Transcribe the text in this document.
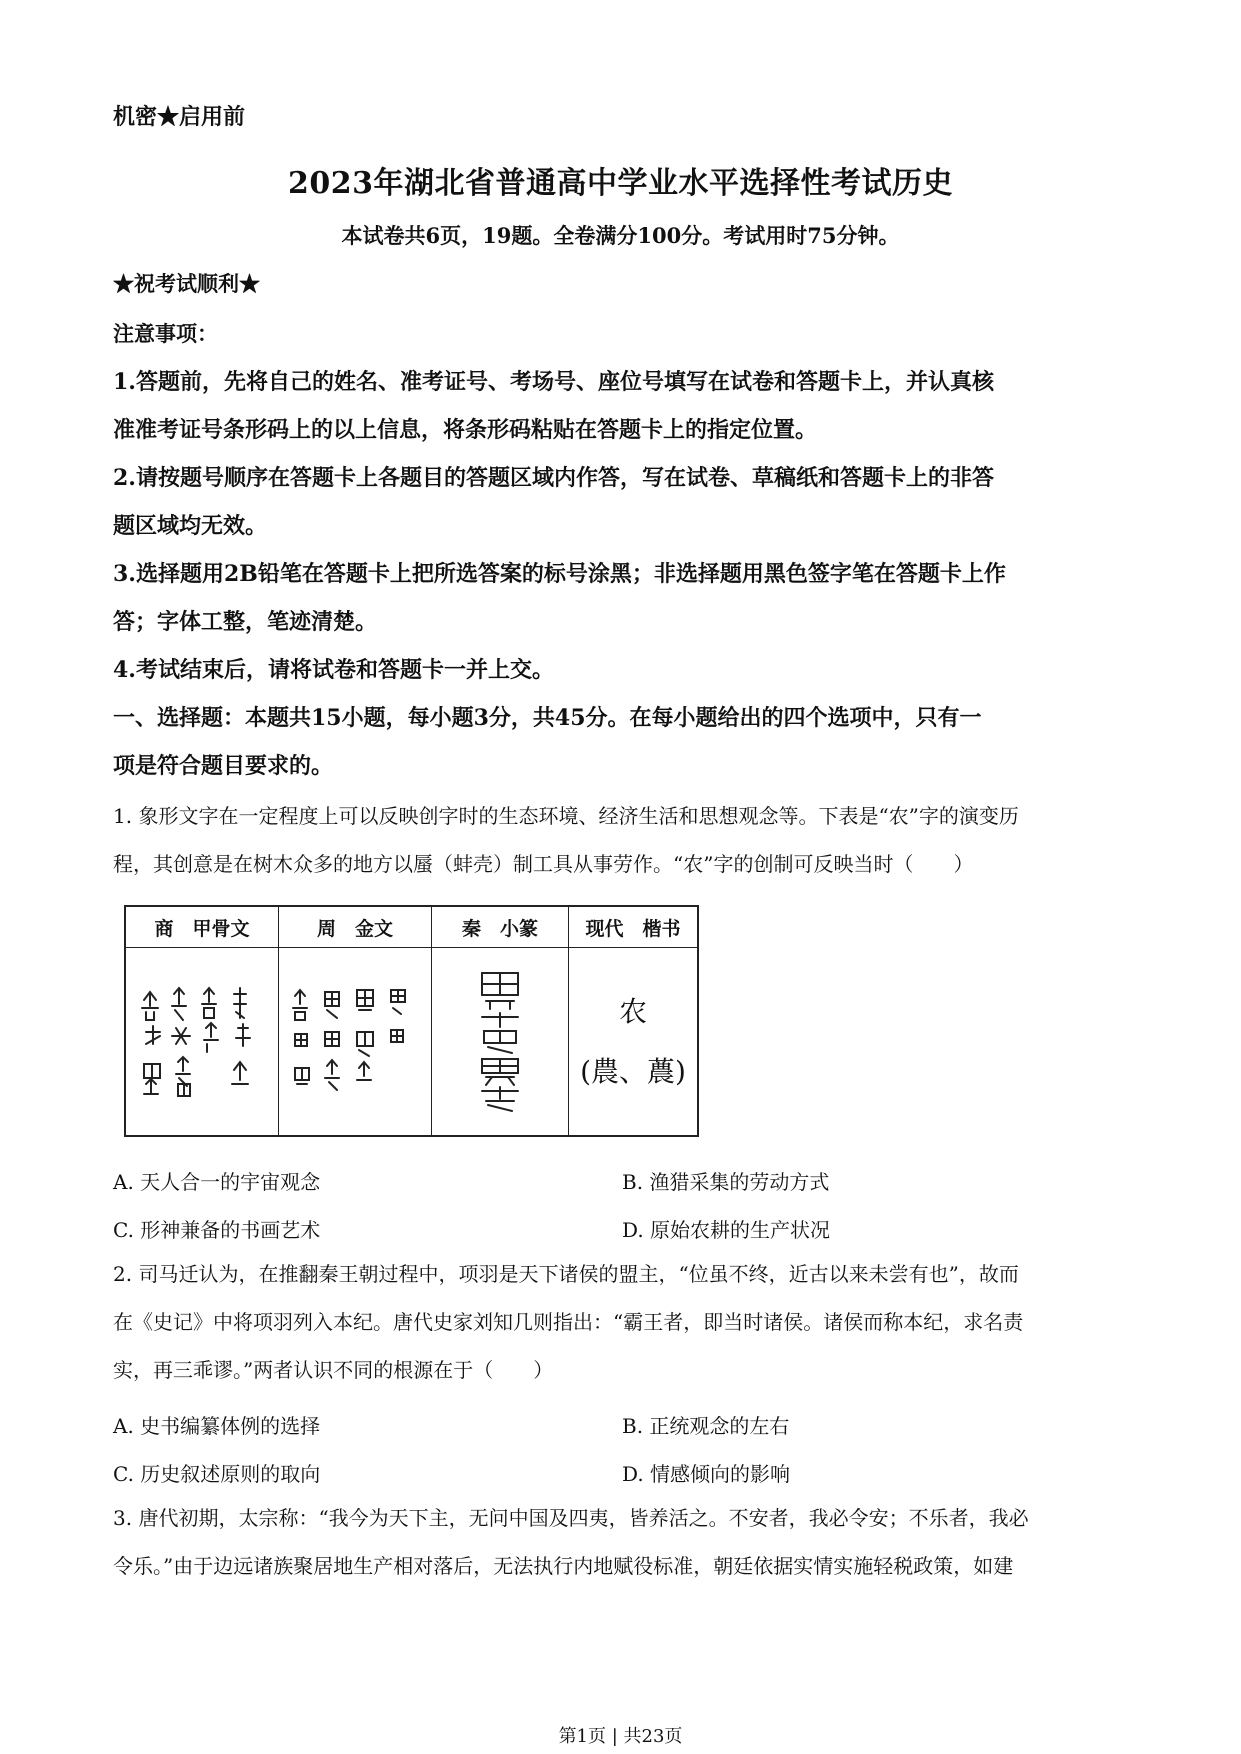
机密★启用前
2023年湖北省普通高中学业水平选择性考试历史
本试卷共6页，19题。全卷满分100分。考试用时75分钟。
★祝考试顺利★
注意事项：
1.答题前，先将自己的姓名、准考证号、考场号、座位号填写在试卷和答题卡上，并认真核
准准考证号条形码上的以上信息，将条形码粘贴在答题卡上的指定位置。
2.请按题号顺序在答题卡上各题目的答题区域内作答，写在试卷、草稿纸和答题卡上的非答
题区域均无效。
3.选择题用2B铅笔在答题卡上把所选答案的标号涂黑；非选择题用黑色签字笔在答题卡上作
答；字体工整，笔迹清楚。
4.考试结束后，请将试卷和答题卡一并上交。
一、选择题：本题共15小题，每小题3分，共45分。在每小题给出的四个选项中，只有一
项是符合题目要求的。
1. 象形文字在一定程度上可以反映创字时的生态环境、经济生活和思想观念等。下表是“农”字的演变历
程，其创意是在树木众多的地方以蜃（蚌壳）制工具从事劳作。“农”字的创制可反映当时（　　）
商　甲骨文	周　金文	秦　小篆	现代　楷书

农
(農、蕽)
A. 天人合一的宇宙观念	B. 渔猎采集的劳动方式
C. 形神兼备的书画艺术	D. 原始农耕的生产状况
2. 司马迁认为，在推翻秦王朝过程中，项羽是天下诸侯的盟主，“位虽不终，近古以来未尝有也”，故而
在《史记》中将项羽列入本纪。唐代史家刘知几则指出：“霸王者，即当时诸侯。诸侯而称本纪，求名责
实，再三乖谬。”两者认识不同的根源在于（　　）
A. 史书编纂体例的选择	B. 正统观念的左右
C. 历史叙述原则的取向	D. 情感倾向的影响
3. 唐代初期，太宗称：“我今为天下主，无问中国及四夷，皆养活之。不安者，我必令安；不乐者，我必
令乐。”由于边远诸族聚居地生产相对落后，无法执行内地赋役标准，朝廷依据实情实施轻税政策，如建
第1页 | 共23页
